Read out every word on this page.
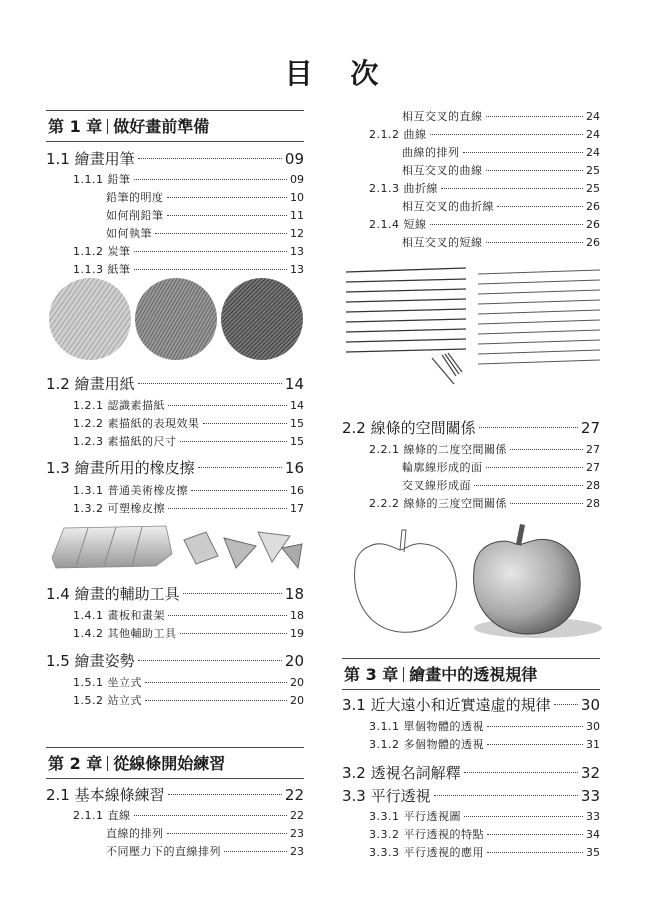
目 次
第 1 章 做好畫前準備
1.1 繪畫用筆	09
1.1.1 鉛筆	09
鉛筆的明度	10
如何削鉛筆	11
如何執筆	12
1.1.2 炭筆	13
1.1.3 紙筆	13
1.2 繪畫用紙	14
1.2.1 認識素描紙	14
1.2.2 素描紙的表現效果	15
1.2.3 素描紙的尺寸	15
1.3 繪畫所用的橡皮擦	16
1.3.1 普通美術橡皮擦	16
1.3.2 可塑橡皮擦	17
1.4 繪畫的輔助工具	18
1.4.1 畫板和畫架	18
1.4.2 其他輔助工具	19
1.5 繪畫姿勢	20
1.5.1 坐立式	20
1.5.2 站立式	20
第 2 章 從線條開始練習
2.1 基本線條練習	22
2.1.1 直線	22
直線的排列	23
不同壓力下的直線排列	23
相互交叉的直線	24
2.1.2 曲線	24
曲線的排列	24
相互交叉的曲線	25
2.1.3 曲折線	25
相互交叉的曲折線	26
2.1.4 短線	26
相互交叉的短線	26
2.2 線條的空間關係	27
2.2.1 線條的二度空間關係	27
輪廓線形成的面	27
交叉線形成面	28
2.2.2 線條的三度空間關係	28
第 3 章 繪畫中的透視規律
3.1 近大遠小和近實遠虛的規律 30
3.1.1 單個物體的透視	30
3.1.2 多個物體的透視	31
3.2 透視名詞解釋	32
3.3 平行透視	33
3.3.1 平行透視圖	33
3.3.2 平行透視的特點	34
3.3.3 平行透視的應用	35
